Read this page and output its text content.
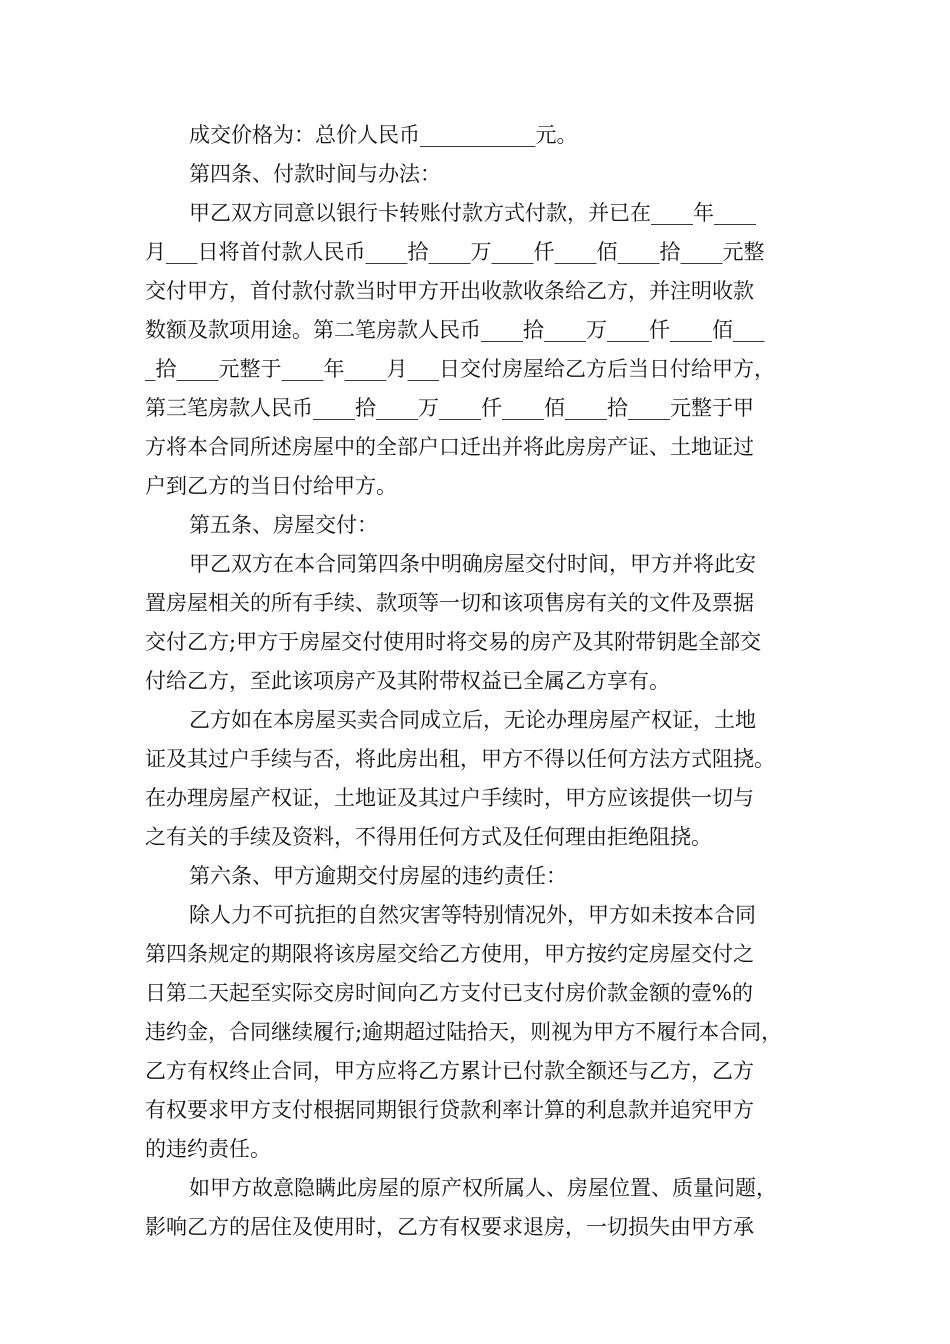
成交价格为：总价人民币___________元。
第四条、付款时间与办法：
甲乙双方同意以银行卡转账付款方式付款，并已在____年____
月___日将首付款人民币____拾____万____仟____佰____拾____元整
交付甲方，首付款付款当时甲方开出收款收条给乙方，并注明收款
数额及款项用途。第二笔房款人民币____拾____万____仟____佰___
_拾____元整于____年____月___日交付房屋给乙方后当日付给甲方，
第三笔房款人民币____拾____万____仟____佰____拾____元整于甲
方将本合同所述房屋中的全部户口迁出并将此房房产证、土地证过
户到乙方的当日付给甲方。
第五条、房屋交付：
甲乙双方在本合同第四条中明确房屋交付时间，甲方并将此安
置房屋相关的所有手续、款项等一切和该项售房有关的文件及票据
交付乙方;甲方于房屋交付使用时将交易的房产及其附带钥匙全部交
付给乙方，至此该项房产及其附带权益已全属乙方享有。
乙方如在本房屋买卖合同成立后，无论办理房屋产权证，土地
证及其过户手续与否，将此房出租，甲方不得以任何方法方式阻挠。
在办理房屋产权证，土地证及其过户手续时，甲方应该提供一切与
之有关的手续及资料，不得用任何方式及任何理由拒绝阻挠。
第六条、甲方逾期交付房屋的违约责任：
除人力不可抗拒的自然灾害等特别情况外，甲方如未按本合同
第四条规定的期限将该房屋交给乙方使用，甲方按约定房屋交付之
日第二天起至实际交房时间向乙方支付已支付房价款金额的壹%的
违约金，合同继续履行;逾期超过陆拾天，则视为甲方不履行本合同，
乙方有权终止合同，甲方应将乙方累计已付款全额还与乙方，乙方
有权要求甲方支付根据同期银行贷款利率计算的利息款并追究甲方
的违约责任。
如甲方故意隐瞒此房屋的原产权所属人、房屋位置、质量问题，
影响乙方的居住及使用时，乙方有权要求退房，一切损失由甲方承
